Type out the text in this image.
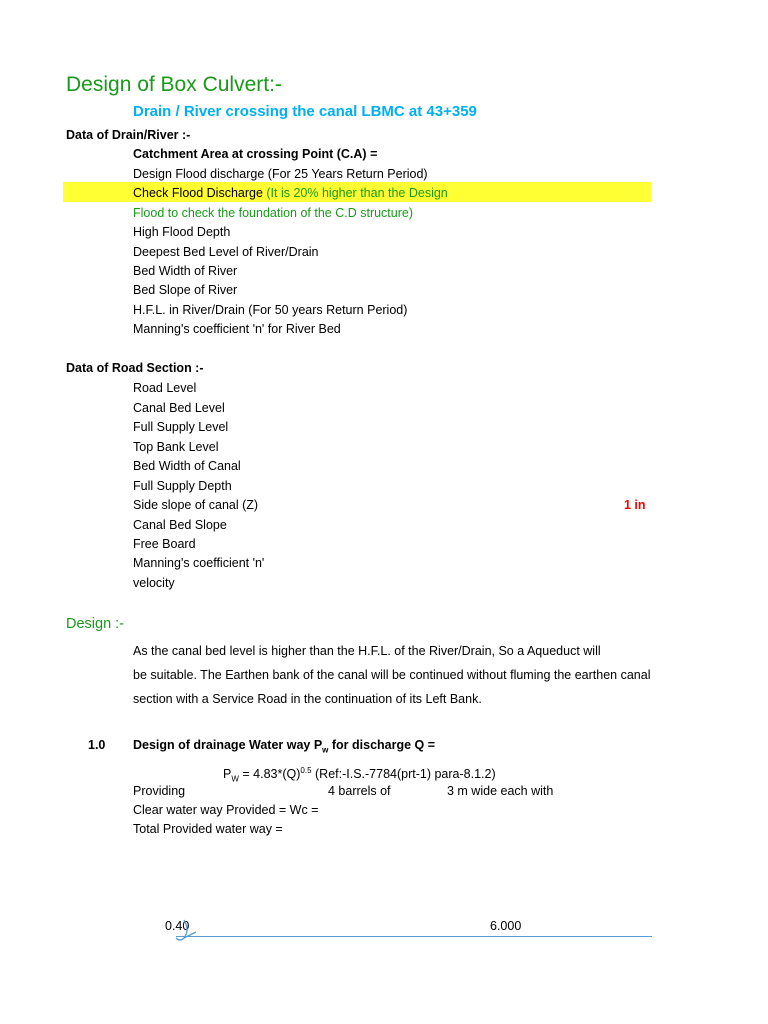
Design of Box Culvert:-
Drain / River crossing the canal LBMC at 43+359
Data of Drain/River :-
Catchment Area at crossing Point (C.A) =
Design Flood discharge (For 25 Years Return Period)
Check Flood Discharge (It is 20% higher than the Design
Flood to check the foundation of the C.D structure)
High Flood Depth
Deepest Bed Level of River/Drain
Bed Width of River
Bed Slope of River
H.F.L. in River/Drain (For 50 years Return Period)
Manning's coefficient 'n' for River Bed
Data of Road Section :-
Road Level
Canal Bed Level
Full Supply Level
Top Bank Level
Bed Width of Canal
Full Supply Depth
Side slope of canal (Z)	1 in
Canal Bed Slope
Free Board
Manning's coefficient 'n'
velocity
Design :-
As the canal bed level is higher than the H.F.L. of the River/Drain, So a Aqueduct will
be suitable. The Earthen bank of the canal will be continued without fluming the earthen canal
section with a Service Road in the continuation of its Left Bank.
1.0 Design of drainage Water way $P_w$ for discharge Q =
$P_W = 4.83*(Q)^{0.5}$ (Ref:-I.S.-7784(prt-1) para-8.1.2)
Providing	4 barrels of	3 m wide each with
Clear water way Provided = Wc =
Total Provided water way =
0.40	6.000
